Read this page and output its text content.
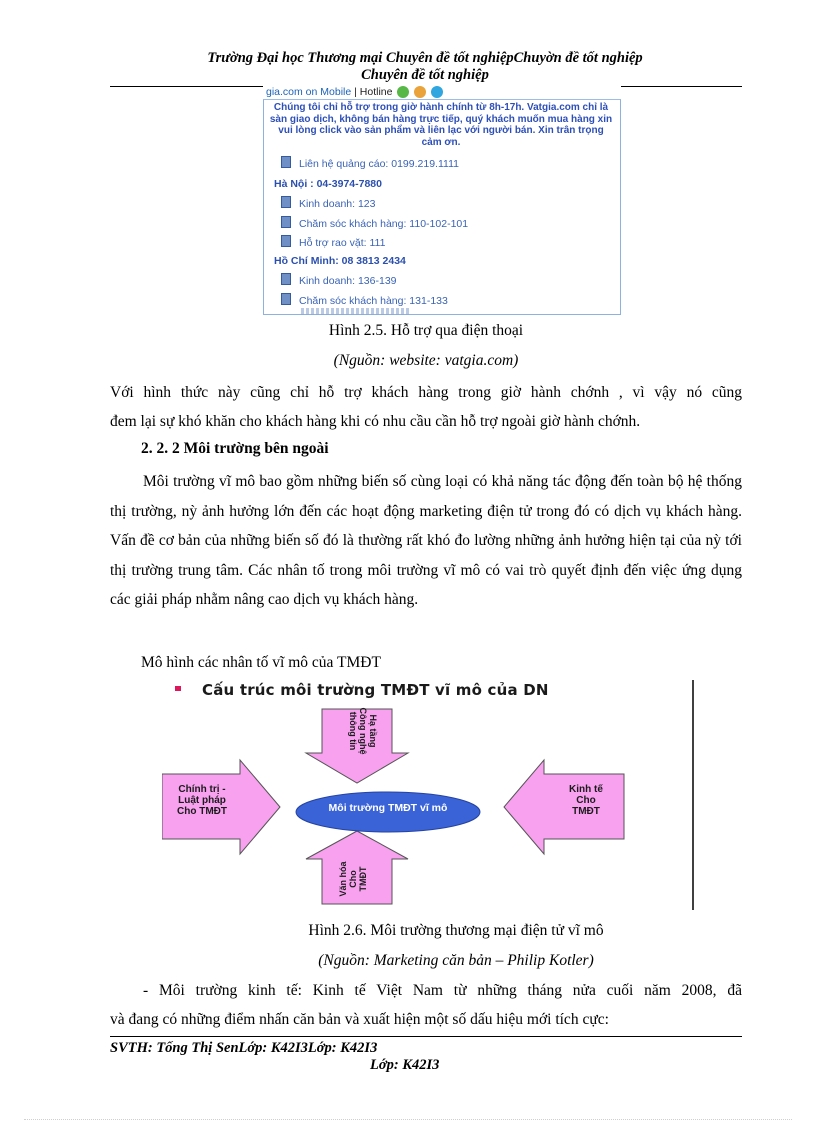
Trường Đại học Thương mại Chuyên đề tốt nghiệpChuyờn đề tốt nghiệp
Chuyên đề tốt nghiệp
gia.com on Mobile | Hotline
Chúng tôi chỉ hỗ trợ trong giờ hành chính từ 8h-17h. Vatgia.com chỉ là sàn giao dịch, không bán hàng trực tiếp, quý khách muốn mua hàng xin vui lòng click vào sản phẩm và liên lạc với người bán. Xin trân trọng cảm ơn.
Liên hệ quảng cáo: 0199.219.1111
Hà Nội : 04-3974-7880
Kinh doanh: 123
Chăm sóc khách hàng: 110-102-101
Hỗ trợ rao vặt: 111
Hồ Chí Minh: 08 3813 2434
Kinh doanh: 136-139
Chăm sóc khách hàng: 131-133
Hình 2.5. Hỗ trợ qua điện thoại
(Nguồn: website: vatgia.com)
Với hình thức này cũng chỉ hỗ trợ khách hàng trong giờ hành chớnh , vì vậy nó cũng
đem lại sự khó khăn cho khách hàng khi có nhu cầu cần hỗ trợ ngoài giờ hành chớnh.
2. 2. 2 Môi trường bên ngoài
Môi trường vĩ mô bao gồm những biến số cùng loại có khả năng tác động đến toàn bộ hệ thống thị trường, nỳ ảnh hưởng lớn đến các hoạt động marketing điện tử trong đó có dịch vụ khách hàng. Vấn đề cơ bản của những biến số đó là thường rất khó đo lường những ảnh hưởng hiện tại của nỳ tới thị trường trung tâm. Các nhân tố trong môi trường vĩ mô có vai trò quyết định đến việc ứng dụng các giải pháp nhằm nâng cao dịch vụ khách hàng.
Mô hình các nhân tố vĩ mô của TMĐT
Cấu trúc môi trường TMĐT vĩ mô của DN
Môi trường TMĐT vĩ mô
Hạ tầng
Công nghệ
thông tin
Chính trị -
Luật pháp
Cho TMĐT
Kinh tế
Cho
TMĐT
Văn hóa Cho TMĐT
Hình 2.6. Môi trường thương mại điện tử vĩ mô
(Nguồn: Marketing căn bản – Philip Kotler)
- Môi trường kinh tế: Kinh tế Việt Nam từ những tháng nửa cuối năm 2008, đã
và đang có những điểm nhấn căn bản và xuất hiện một số dấu hiệu mới tích cực:
SVTH: Tống Thị SenLớp: K42I3Lớp: K42I3
Lớp: K42I3
